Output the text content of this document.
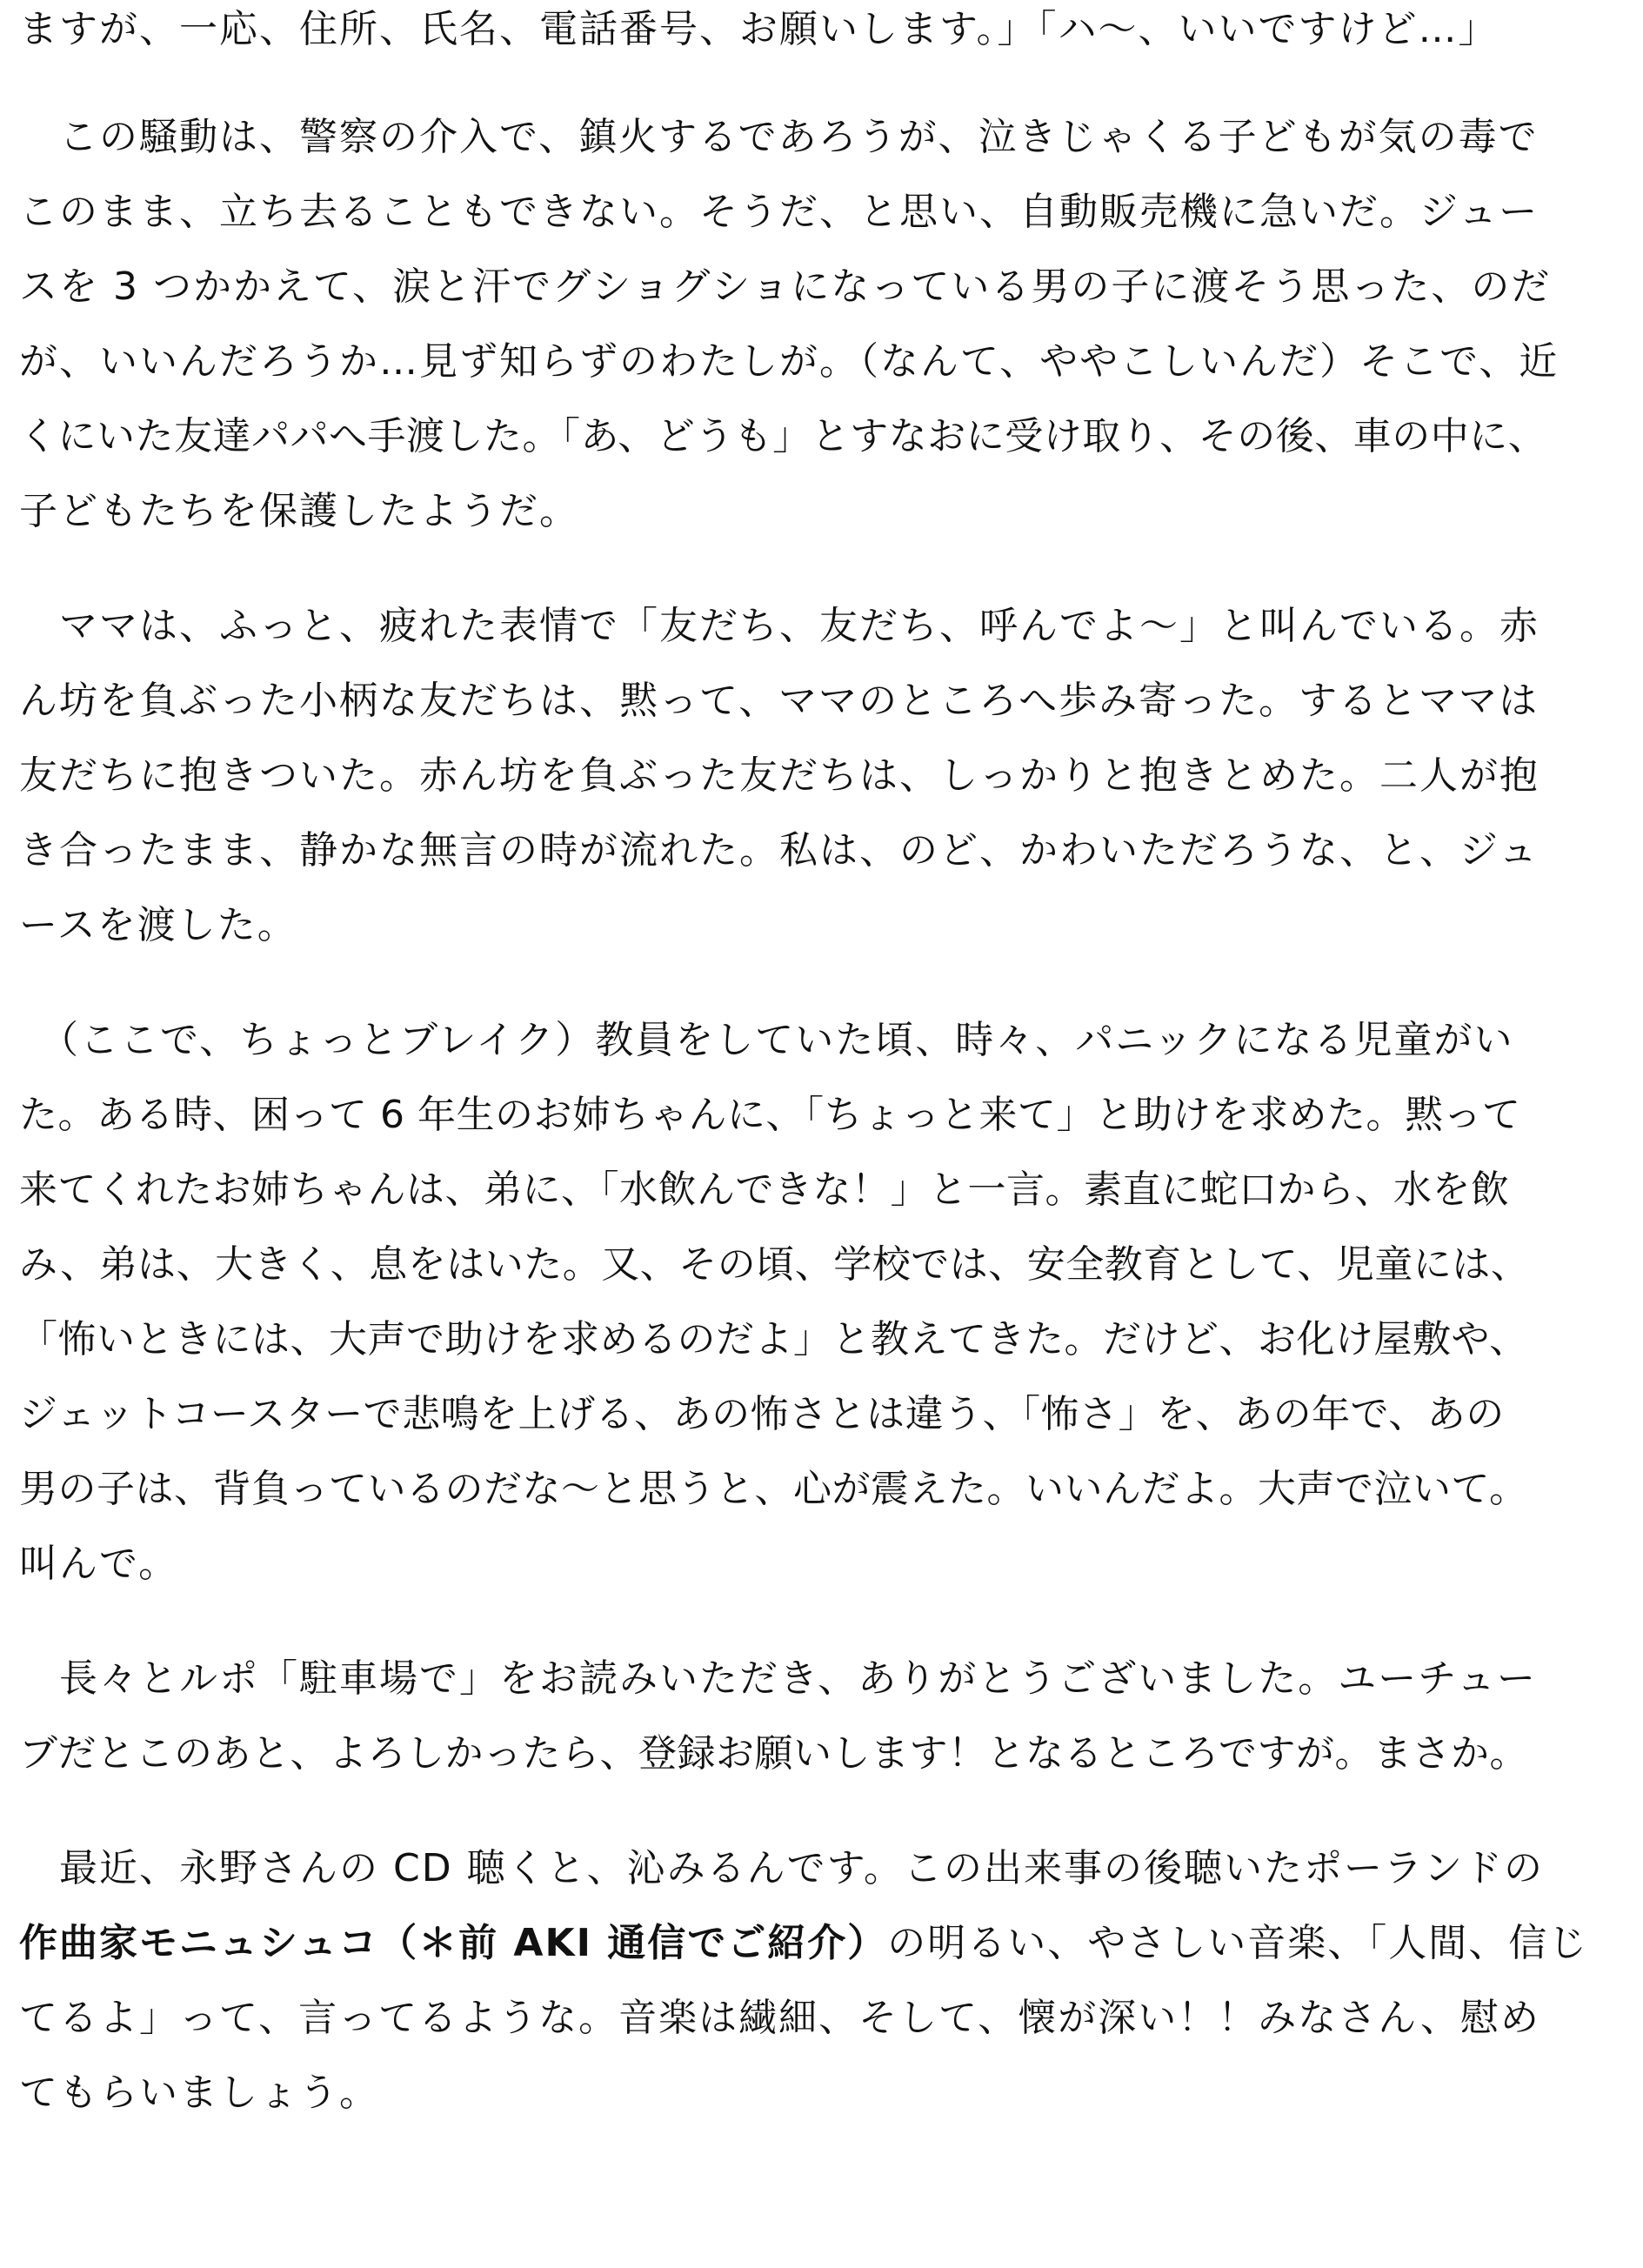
ますが、一応、住所、氏名、電話番号、お願いします。」「ハ～、いいですけど…」

　この騒動は、警察の介入で、鎮火するであろうが、泣きじゃくる子どもが気の毒で

このまま、立ち去ることもできない。そうだ、と思い、自動販売機に急いだ。ジュー

スを 3 つかかえて、涙と汗でグショグショになっている男の子に渡そう思った、のだ

が、いいんだろうか…見ず知らずのわたしが。（なんて、ややこしいんだ）そこで、近

くにいた友達パパへ手渡した。「あ、どうも」とすなおに受け取り、その後、車の中に、

子どもたちを保護したようだ。

　ママは、ふっと、疲れた表情で「友だち、友だち、呼んでよ～」と叫んでいる。赤

ん坊を負ぶった小柄な友だちは、黙って、ママのところへ歩み寄った。するとママは

友だちに抱きついた。赤ん坊を負ぶった友だちは、しっかりと抱きとめた。二人が抱

き合ったまま、静かな無言の時が流れた。私は、のど、かわいただろうな、と、ジュ

ースを渡した。

　（ここで、ちょっとブレイク）教員をしていた頃、時々、パニックになる児童がい

た。ある時、困って 6 年生のお姉ちゃんに、「ちょっと来て」と助けを求めた。黙って

来てくれたお姉ちゃんは、弟に、「水飲んできな！」と一言。素直に蛇口から、水を飲

み、弟は、大きく、息をはいた。又、その頃、学校では、安全教育として、児童には、

「怖いときには、大声で助けを求めるのだよ」と教えてきた。だけど、お化け屋敷や、

ジェットコースターで悲鳴を上げる、あの怖さとは違う、「怖さ」を、あの年で、あの

男の子は、背負っているのだな～と思うと、心が震えた。いいんだよ。大声で泣いて。

叫んで。

　長々とルポ「駐車場で」をお読みいただき、ありがとうございました。ユーチュー

ブだとこのあと、よろしかったら、登録お願いします！となるところですが。まさか。

　最近、永野さんの CD 聴くと、沁みるんです。この出来事の後聴いたポーランドの

作曲家モニュシュコ（＊前 AKI 通信でご紹介）の明るい、やさしい音楽、「人間、信じ

てるよ」って、言ってるような。音楽は繊細、そして、懐が深い！！みなさん、慰め

てもらいましょう。
